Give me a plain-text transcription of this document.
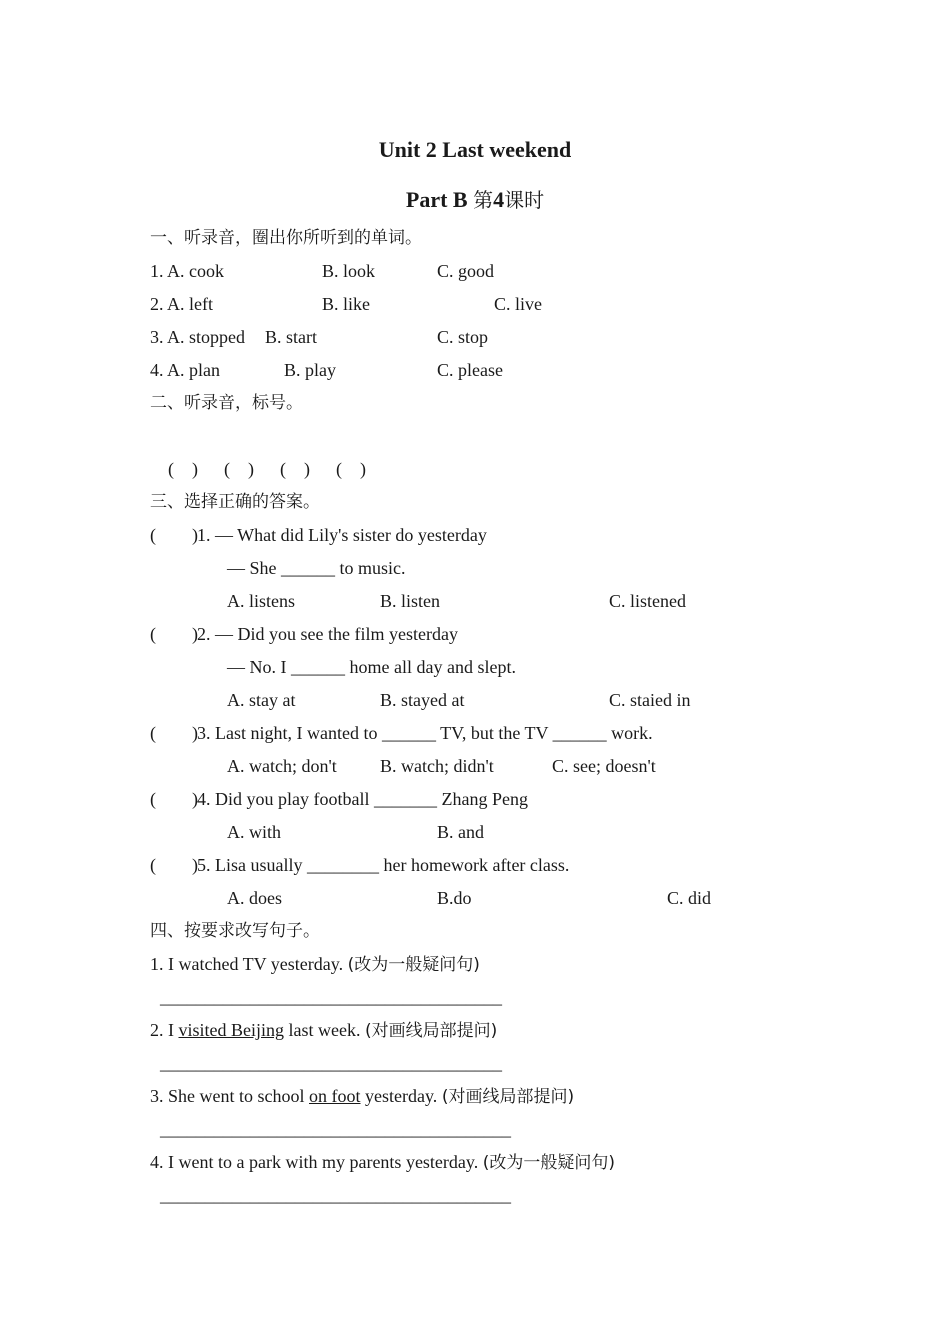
Unit 2 Last weekend
Part B 第4课时
一、听录音，圈出你所听到的单词。
1. A. cook	B. look	C. good
2. A. left	B. like	C. live
3. A. stopped B. start	C. stop
4. A. plan	B. play	C. please
二、听录音，标号。
(    ) (    ) (    ) (    )
三、选择正确的答案。
(        ) 1. — What did Lily's sister do yesterday
— She ______ to music.
A. listens	B. listen	C. listened
(        ) 2. — Did you see the film yesterday
— No. I ______ home all day and slept.
A. stay at	B. stayed at	C. staied in
(        ) 3. Last night, I wanted to ______ TV, but the TV ______ work.
A. watch; don't B. watch; didn't	C. see; doesn't
(        ) 4. Did you play football _______ Zhang Peng
A. with	B. and
(        ) 5. Lisa usually ________ her homework after class.
A. does	B.do	C. did
四、按要求改写句子。
1. I watched TV yesterday. (改为一般疑问句)
______________________________________
2. I visited Beijing last week. (对画线局部提问)
______________________________________
3. She went to school on foot yesterday. (对画线局部提问)
_______________________________________
4. I went to a park with my parents yesterday. (改为一般疑问句)
_______________________________________
